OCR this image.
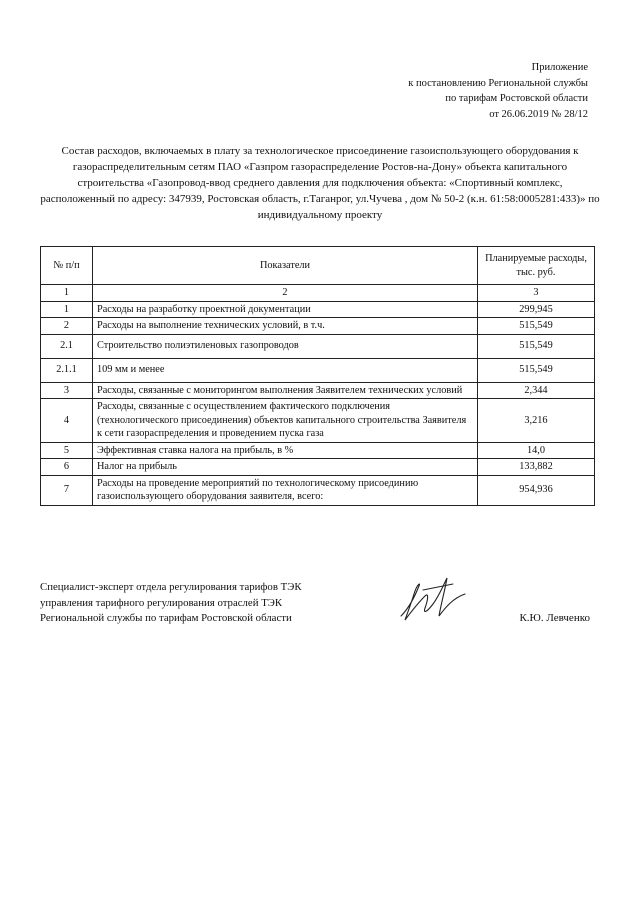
Приложение
к постановлению Региональной службы
по тарифам Ростовской области
от 26.06.2019 № 28/12
Состав расходов, включаемых в плату за технологическое присоединение газоиспользующего оборудования к газораспределительным сетям ПАО «Газпром газораспределение Ростов-на-Дону» объекта капитального строительства «Газопровод-ввод среднего давления для подключения объекта: «Спортивный комплекс, расположенный по адресу: 347939, Ростовская область, г.Таганрог, ул.Чучева , дом № 50-2 (к.н. 61:58:0005281:433)» по индивидуальному проекту
№ п/п	Показатели	Планируемые расходы, тыс. руб.
1	2	3
1	Расходы на разработку проектной документации	299,945
2	Расходы на выполнение технических условий, в т.ч.	515,549
2.1	Строительство полиэтиленовых газопроводов	515,549
2.1.1	109 мм и менее	515,549
3	Расходы, связанные с мониторингом выполнения Заявителем технических условий	2,344
4	Расходы, связанные с осуществлением фактического подключения (технологического присоединения) объектов капитального строительства Заявителя к сети газораспределения и проведением пуска газа	3,216
5	Эффективная ставка налога на прибыль, в %	14,0
6	Налог на прибыль	133,882
7	Расходы на проведение мероприятий по технологическому присоединию газоиспользующего оборудования заявителя, всего:	954,936
Специалист-эксперт отдела регулирования тарифов ТЭК
управления тарифного регулирования отраслей ТЭК
Региональной службы по тарифам Ростовской области	К.Ю. Левченко
